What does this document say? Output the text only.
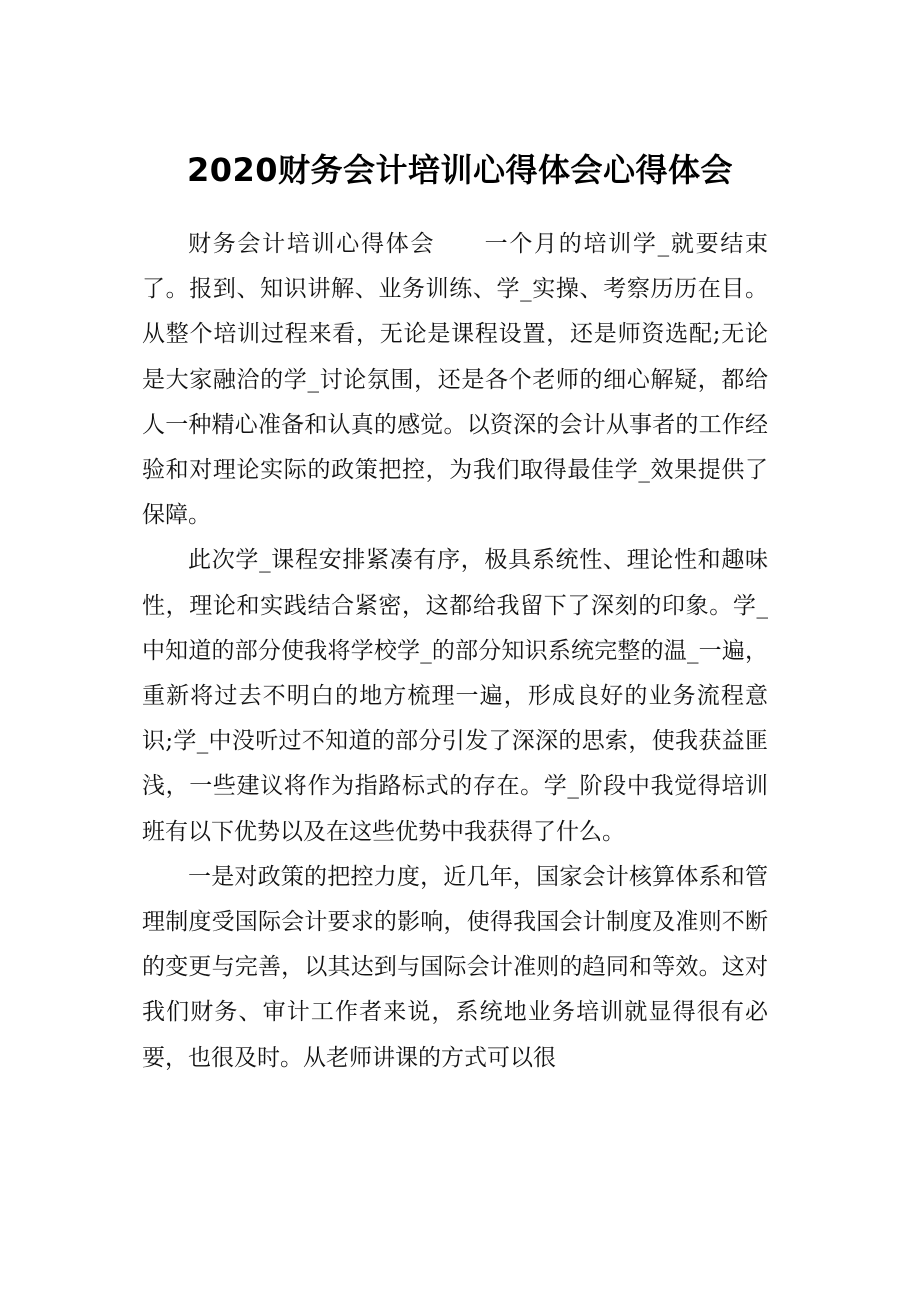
2020财务会计培训心得体会心得体会

财务会计培训心得体会　　一个月的培训学_就要结束了。报到、知识讲解、业务训练、学_实操、考察历历在目。从整个培训过程来看，无论是课程设置，还是师资选配;无论是大家融洽的学_讨论氛围，还是各个老师的细心解疑，都给人一种精心准备和认真的感觉。以资深的会计从事者的工作经验和对理论实际的政策把控，为我们取得最佳学_效果提供了保障。

此次学_课程安排紧凑有序，极具系统性、理论性和趣味性，理论和实践结合紧密，这都给我留下了深刻的印象。学_中知道的部分使我将学校学_的部分知识系统完整的温_一遍，重新将过去不明白的地方梳理一遍，形成良好的业务流程意识;学_中没听过不知道的部分引发了深深的思索，使我获益匪浅，一些建议将作为指路标式的存在。学_阶段中我觉得培训班有以下优势以及在这些优势中我获得了什么。

一是对政策的把控力度，近几年，国家会计核算体系和管理制度受国际会计要求的影响，使得我国会计制度及准则不断的变更与完善，以其达到与国际会计准则的趋同和等效。这对我们财务、审计工作者来说，系统地业务培训就显得很有必要，也很及时。从老师讲课的方式可以很
